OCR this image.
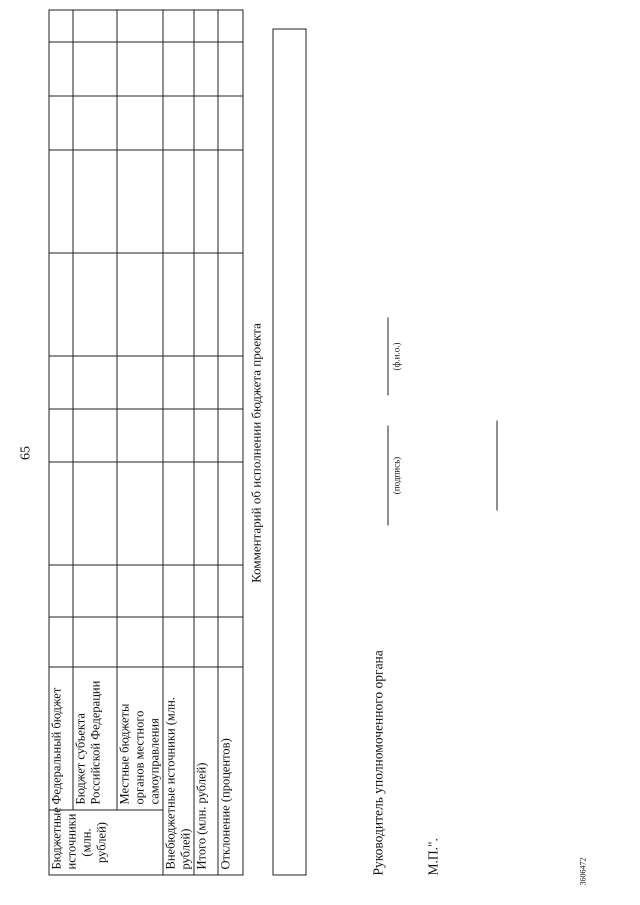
65
Бюджетные источники (млн. рублей)	Федеральный бюджет										
	Бюджет субъекта Российской Федерации										
	Местные бюджеты органов местного самоуправления										
Внебюджетные источники (млн. рублей)											
Итого (млн. рублей)											
Отклонение (процентов)											
Комментарий об исполнении бюджета проекта
Руководитель уполномоченного органа
(подпись)
(ф.и.о.)
М.П.".	3606472
